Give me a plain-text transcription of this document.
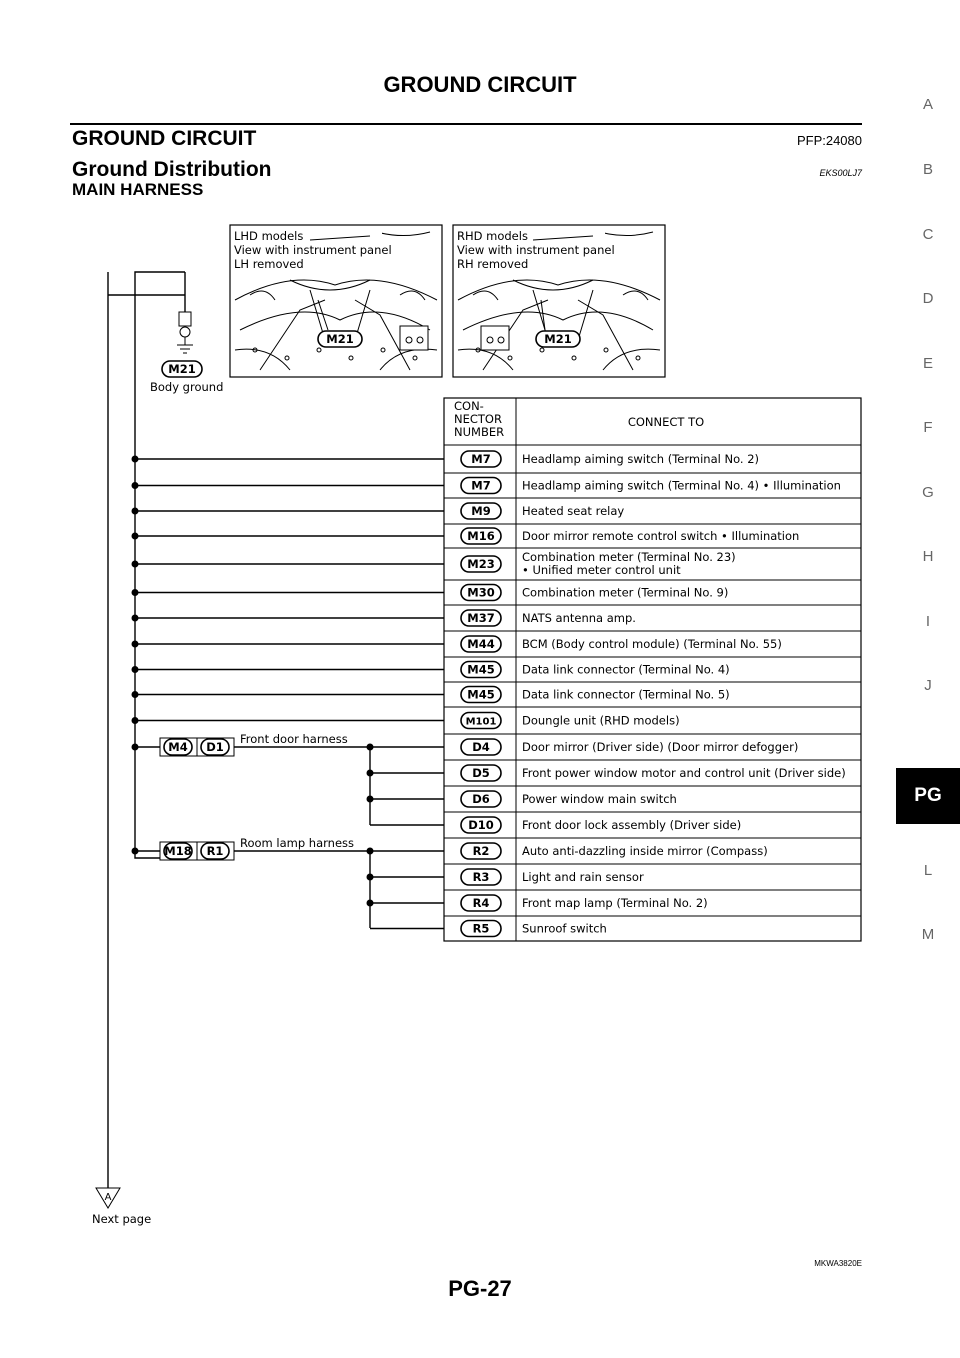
GROUND CIRCUIT
GROUND CIRCUIT	PFP:24080
Ground Distribution	EKS00LJ7
MAIN HARNESS
A
B
C
D
E
F
G
H
I
J
PG
L
M
LHD models
View with instrument panel
LH removed
M21
RHD models
View with instrument panel
RH removed
M21
M21
Body ground
A
Next page
CON-
NECTOR
NUMBER
CONNECT TO
M7	Headlamp aiming switch (Terminal No. 2)
M7	Headlamp aiming switch (Terminal No. 4) • Illumination
M9	Heated seat relay
M16 Door mirror remote control switch • Illumination
M23 Combination meter (Terminal No. 23)
• Unified meter control unit
M30 Combination meter (Terminal No. 9)
M37 NATS antenna amp.
M44 BCM (Body control module) (Terminal No. 55)
M45 Data link connector (Terminal No. 4)
M45 Data link connector (Terminal No. 5)
M101 Doungle unit (RHD models)
D4	Door mirror (Driver side) (Door mirror defogger)
D5	Front power window motor and control unit (Driver side)
D6	Power window main switch
D10 Front door lock assembly (Driver side)
R2	Auto anti-dazzling inside mirror (Compass)
R3	Light and rain sensor
R4	Front map lamp (Terminal No. 2)
R5	Sunroof switch
M4 D1
Front door harness
M18 R1
Room lamp harness
MKWA3820E
PG-27
